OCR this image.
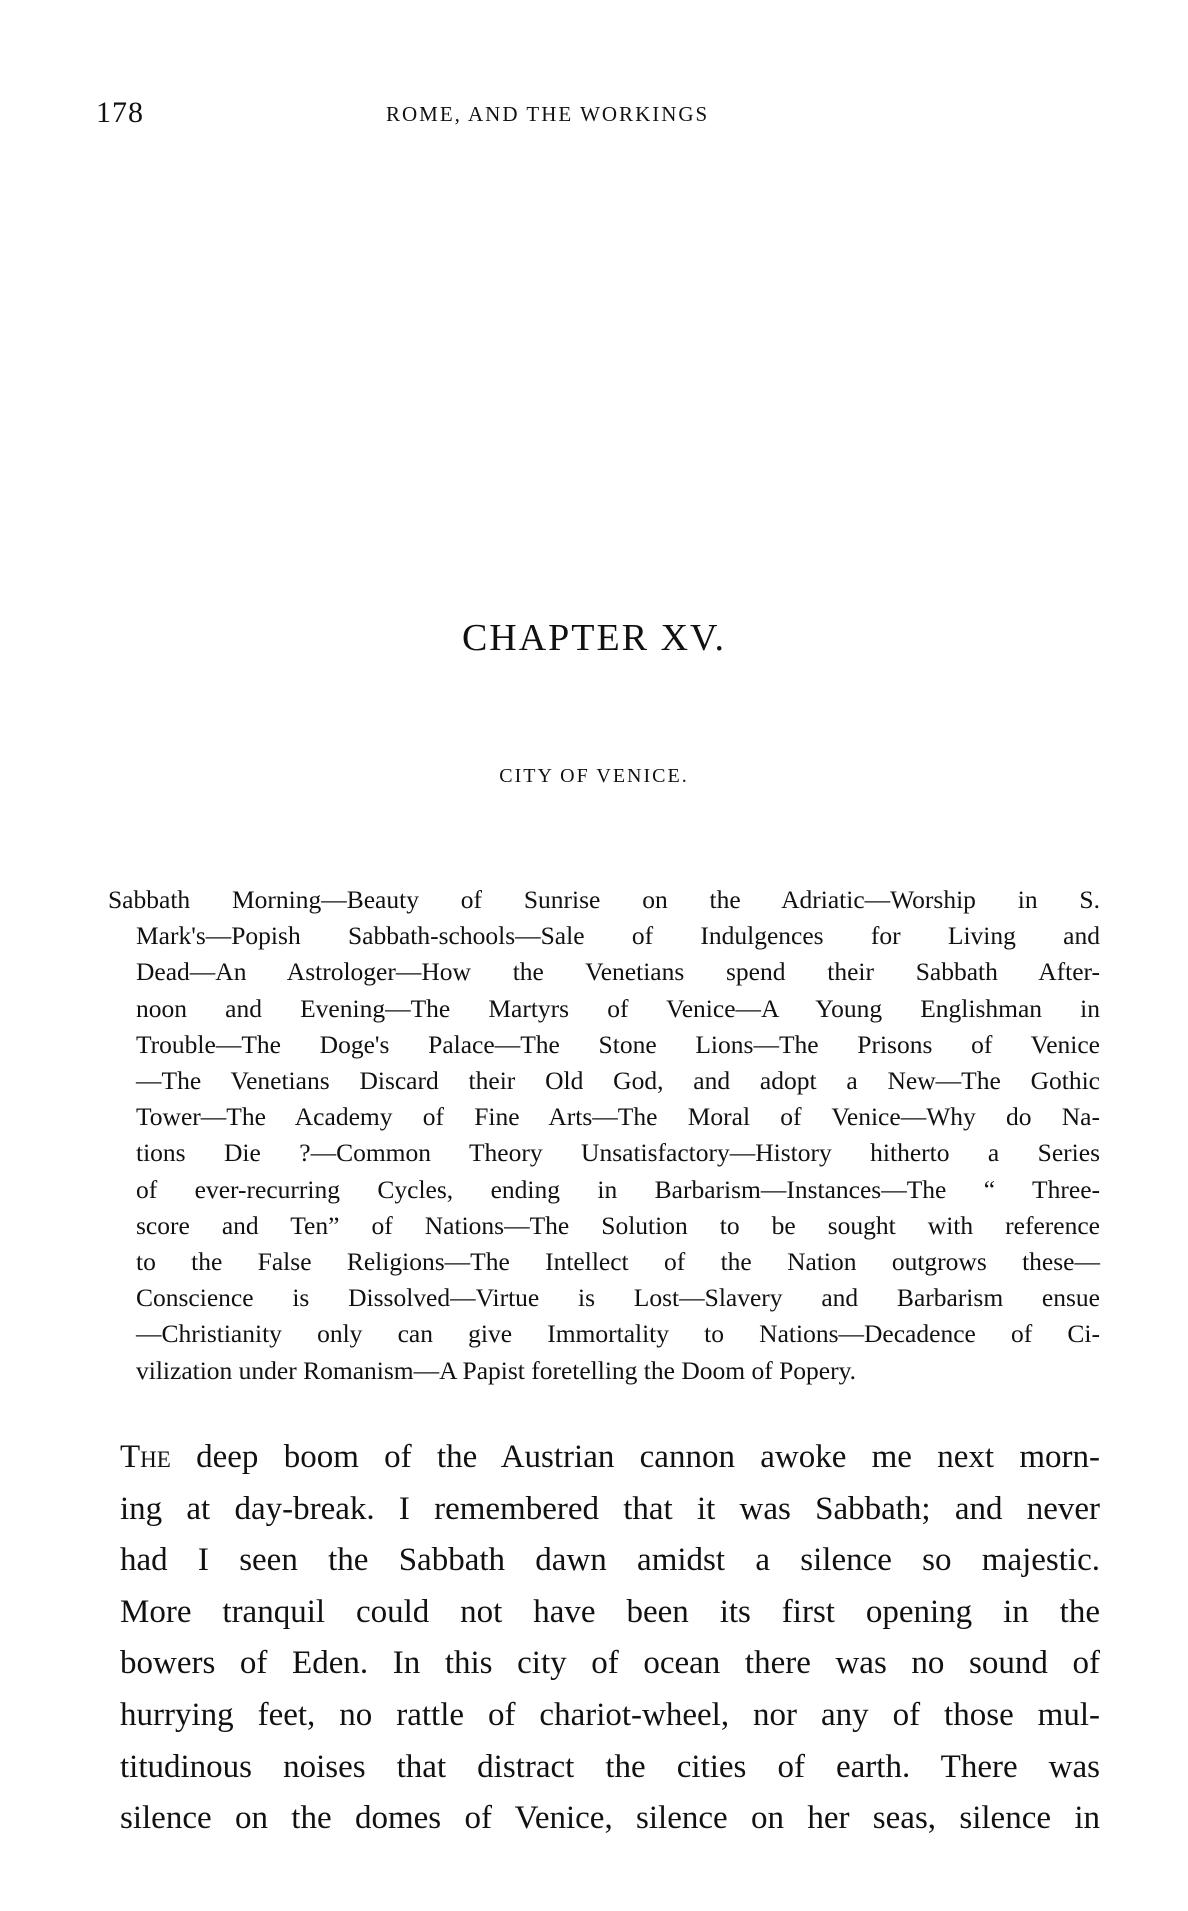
178	ROME, AND THE WORKINGS
CHAPTER XV.
CITY OF VENICE.
Sabbath Morning—Beauty of Sunrise on the Adriatic—Worship in S.
Mark's—Popish Sabbath-schools—Sale of Indulgences for Living and
Dead—An Astrologer—How the Venetians spend their Sabbath After-
noon and Evening—The Martyrs of Venice—A Young Englishman in
Trouble—The Doge's Palace—The Stone Lions—The Prisons of Venice
—The Venetians Discard their Old God, and adopt a New—The Gothic
Tower—The Academy of Fine Arts—The Moral of Venice—Why do Na-
tions Die ?—Common Theory Unsatisfactory—History hitherto a Series
of ever-recurring Cycles, ending in Barbarism—Instances—The “ Three-
score and Ten” of Nations—The Solution to be sought with reference
to the False Religions—The Intellect of the Nation outgrows these—
Conscience is Dissolved—Virtue is Lost—Slavery and Barbarism ensue
—Christianity only can give Immortality to Nations—Decadence of Ci-
vilization under Romanism—A Papist foretelling the Doom of Popery.
The deep boom of the Austrian cannon awoke me next morn-
ing at day-break. I remembered that it was Sabbath; and never
had I seen the Sabbath dawn amidst a silence so majestic.
More tranquil could not have been its first opening in the
bowers of Eden. In this city of ocean there was no sound of
hurrying feet, no rattle of chariot-wheel, nor any of those mul-
titudinous noises that distract the cities of earth. There was
silence on the domes of Venice, silence on her seas, silence in
